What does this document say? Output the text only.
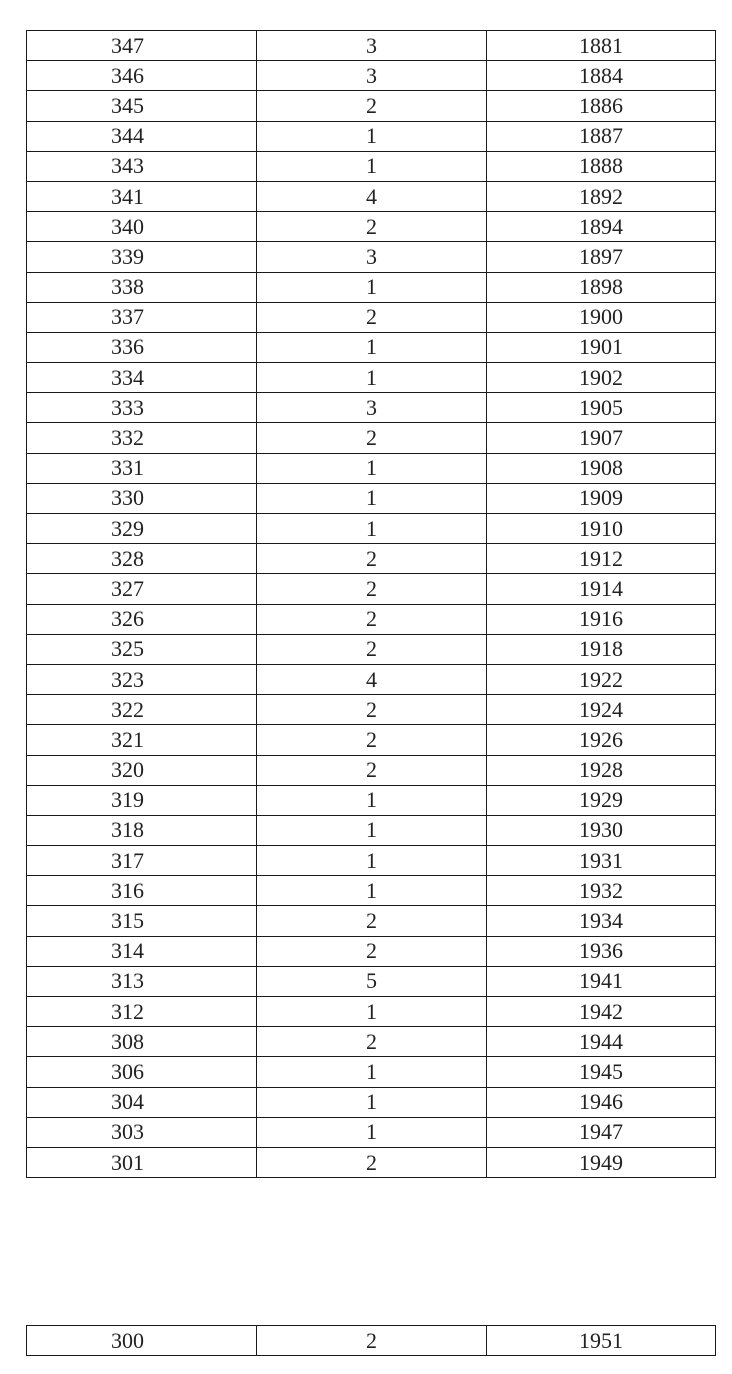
347	3	1881
346	3	1884
345	2	1886
344	1	1887
343	1	1888
341	4	1892
340	2	1894
339	3	1897
338	1	1898
337	2	1900
336	1	1901
334	1	1902
333	3	1905
332	2	1907
331	1	1908
330	1	1909
329	1	1910
328	2	1912
327	2	1914
326	2	1916
325	2	1918
323	4	1922
322	2	1924
321	2	1926
320	2	1928
319	1	1929
318	1	1930
317	1	1931
316	1	1932
315	2	1934
314	2	1936
313	5	1941
312	1	1942
308	2	1944
306	1	1945
304	1	1946
303	1	1947
301	2	1949
300	2	1951
